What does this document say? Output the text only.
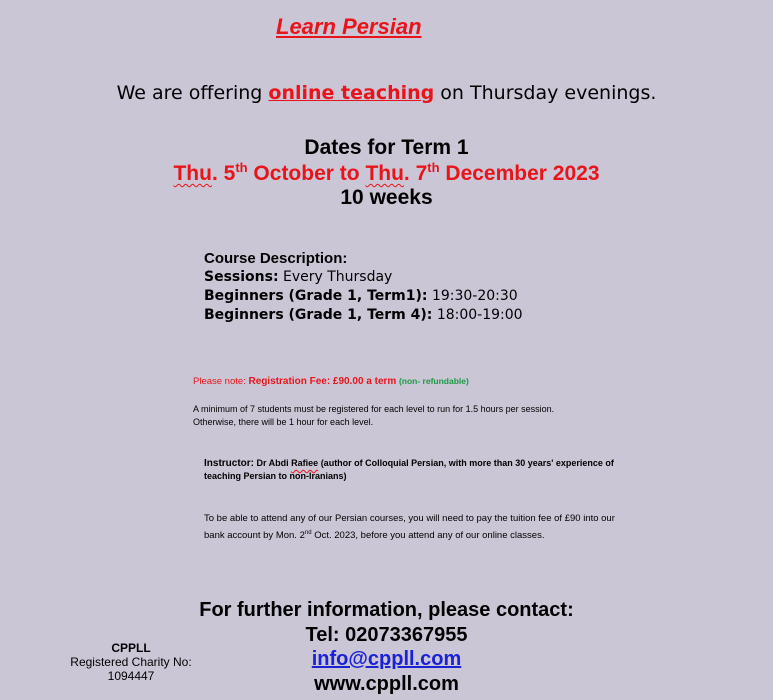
Learn Persian
We are offering online teaching on Thursday evenings.
Dates for Term 1
Thu. 5th October to Thu. 7th December 2023
10 weeks
Course Description:
Sessions: Every Thursday
Beginners (Grade 1, Term1): 19:30-20:30
Beginners (Grade 1, Term 4): 18:00-19:00
Please note: Registration Fee: £90.00 a term (non- refundable)
A minimum of 7 students must be registered for each level to run for 1.5 hours per session.
Otherwise, there will be 1 hour for each level.
Instructor: Dr Abdi Rafiee (author of Colloquial Persian, with more than 30 years' experience of teaching Persian to non-Iranians)
To be able to attend any of our Persian courses, you will need to pay the tuition fee of £90 into our bank account by Mon. 2nd Oct. 2023, before you attend any of our online classes.
For further information, please contact:
Tel: 02073367955
info@cppll.com
www.cppll.com
CPPLL
Registered Charity No:
1094447
